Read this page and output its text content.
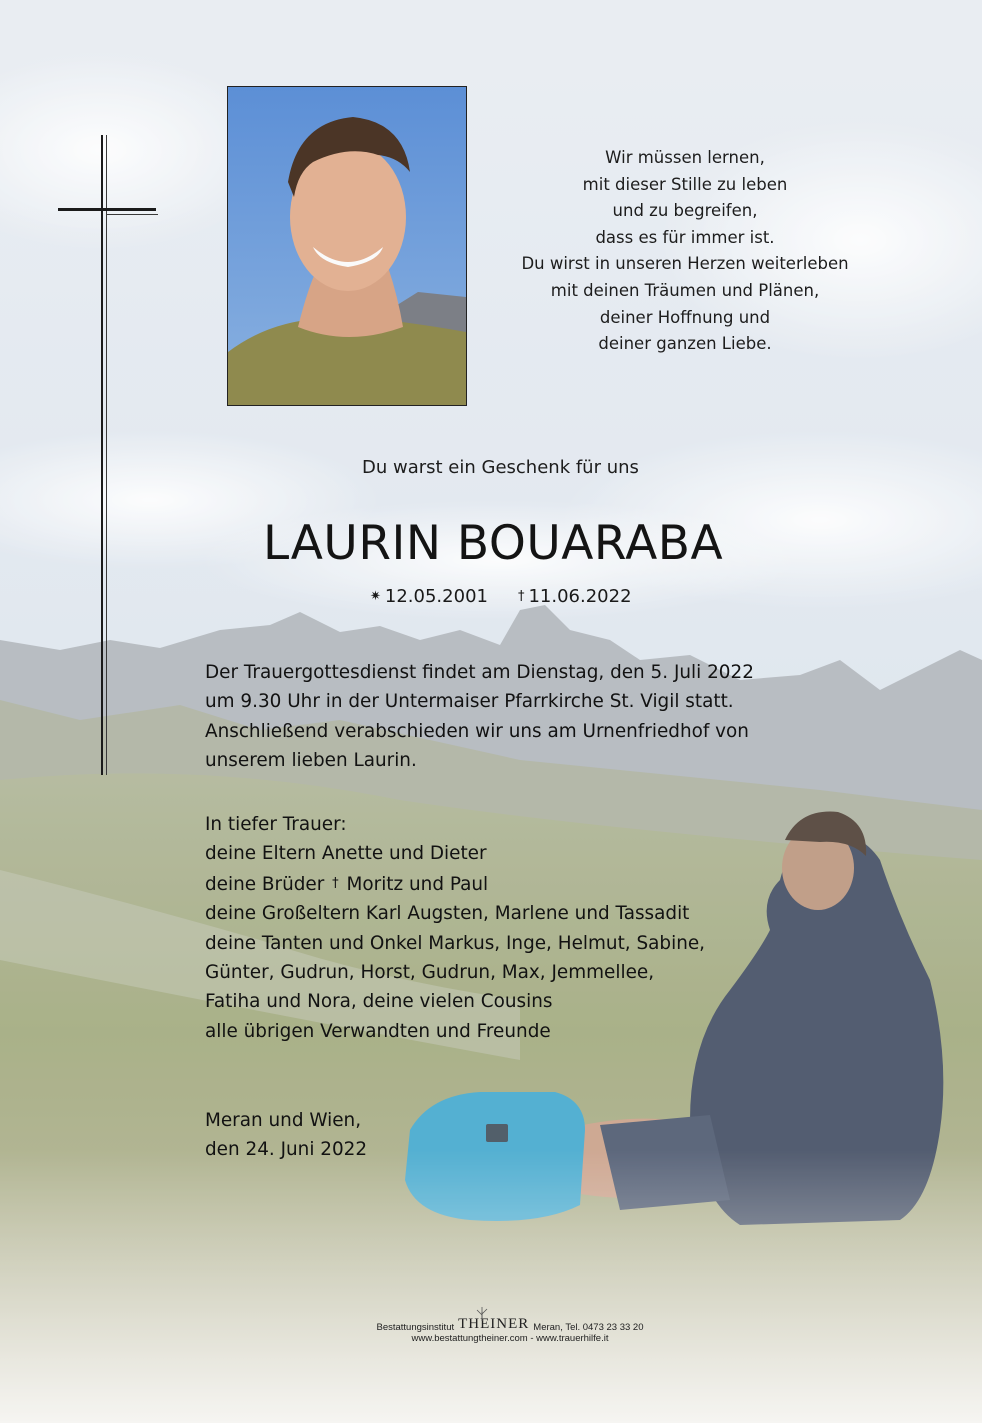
Wir müssen lernen,
mit dieser Stille zu leben
und zu begreifen,
dass es für immer ist.
Du wirst in unseren Herzen weiterleben
mit deinen Träumen und Plänen,
deiner Hoffnung und
deiner ganzen Liebe.
Du warst ein Geschenk für uns
LAURIN BOUARABA
✷ 12.05.2001 † 11.06.2022
Der Trauergottesdienst findet am Dienstag, den 5. Juli 2022
um 9.30 Uhr in der Untermaiser Pfarrkirche St. Vigil statt.
Anschließend verabschieden wir uns am Urnenfriedhof von
unserem lieben Laurin.
In tiefer Trauer:
deine Eltern Anette und Dieter
deine Brüder † Moritz und Paul
deine Großeltern Karl Augsten, Marlene und Tassadit
deine Tanten und Onkel Markus, Inge, Helmut, Sabine,
Günter, Gudrun, Horst, Gudrun, Max, Jemmellee,
Fatiha und Nora, deine vielen Cousins
alle übrigen Verwandten und Freunde
Meran und Wien,
den 24. Juni 2022
Bestattungsinstitut THEINER Meran, Tel. 0473 23 33 20
www.bestattungtheiner.com - www.trauerhilfe.it
